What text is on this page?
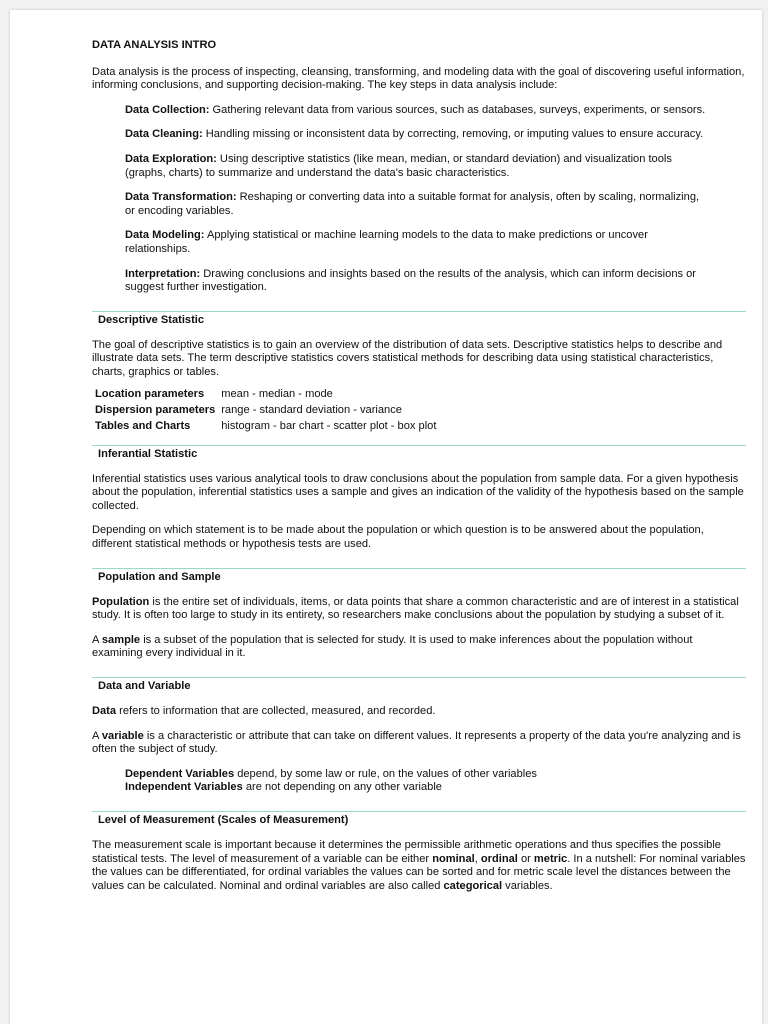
DATA ANALYSIS INTRO

Data analysis is the process of inspecting, cleansing, transforming, and modeling data with the goal of discovering useful information, informing conclusions, and supporting decision-making. The key steps in data analysis include:

Data Collection: Gathering relevant data from various sources, such as databases, surveys, experiments, or sensors.
Data Cleaning: Handling missing or inconsistent data by correcting, removing, or imputing values to ensure accuracy.
Data Exploration: Using descriptive statistics (like mean, median, or standard deviation) and visualization tools (graphs, charts) to summarize and understand the data's basic characteristics.
Data Transformation: Reshaping or converting data into a suitable format for analysis, often by scaling, normalizing, or encoding variables.
Data Modeling: Applying statistical or machine learning models to the data to make predictions or uncover relationships.
Interpretation: Drawing conclusions and insights based on the results of the analysis, which can inform decisions or suggest further investigation.
Descriptive Statistic

The goal of descriptive statistics is to gain an overview of the distribution of data sets. Descriptive statistics helps to describe and illustrate data sets. The term descriptive statistics covers statistical methods for describing data using statistical characteristics, charts, graphics or tables.

Location parameters	mean - median - mode
Dispersion parameters	range - standard deviation - variance
Tables and Charts	histogram - bar chart - scatter plot - box plot
Inferantial Statistic

Inferential statistics uses various analytical tools to draw conclusions about the population from sample data. For a given hypothesis about the population, inferential statistics uses a sample and gives an indication of the validity of the hypothesis based on the sample collected.

Depending on which statement is to be made about the population or which question is to be answered about the population, different statistical methods or hypothesis tests are used.

Population and Sample

Population is the entire set of individuals, items, or data points that share a common characteristic and are of interest in a statistical study. It is often too large to study in its entirety, so researchers make conclusions about the population by studying a subset of it.

A sample is a subset of the population that is selected for study. It is used to make inferences about the population without examining every individual in it.

Data and Variable

Data refers to information that are collected, measured, and recorded.

A variable is a characteristic or attribute that can take on different values. It represents a property of the data you're analyzing and is often the subject of study.

Dependent Variables depend, by some law or rule, on the values of other variables
Independent Variables are not depending on any other variable
Level of Measurement (Scales of Measurement)

The measurement scale is important because it determines the permissible arithmetic operations and thus specifies the possible statistical tests. The level of measurement of a variable can be either nominal, ordinal or metric. In a nutshell: For nominal variables the values can be differentiated, for ordinal variables the values can be sorted and for metric scale level the distances between the values can be calculated. Nominal and ordinal variables are also called categorical variables.
